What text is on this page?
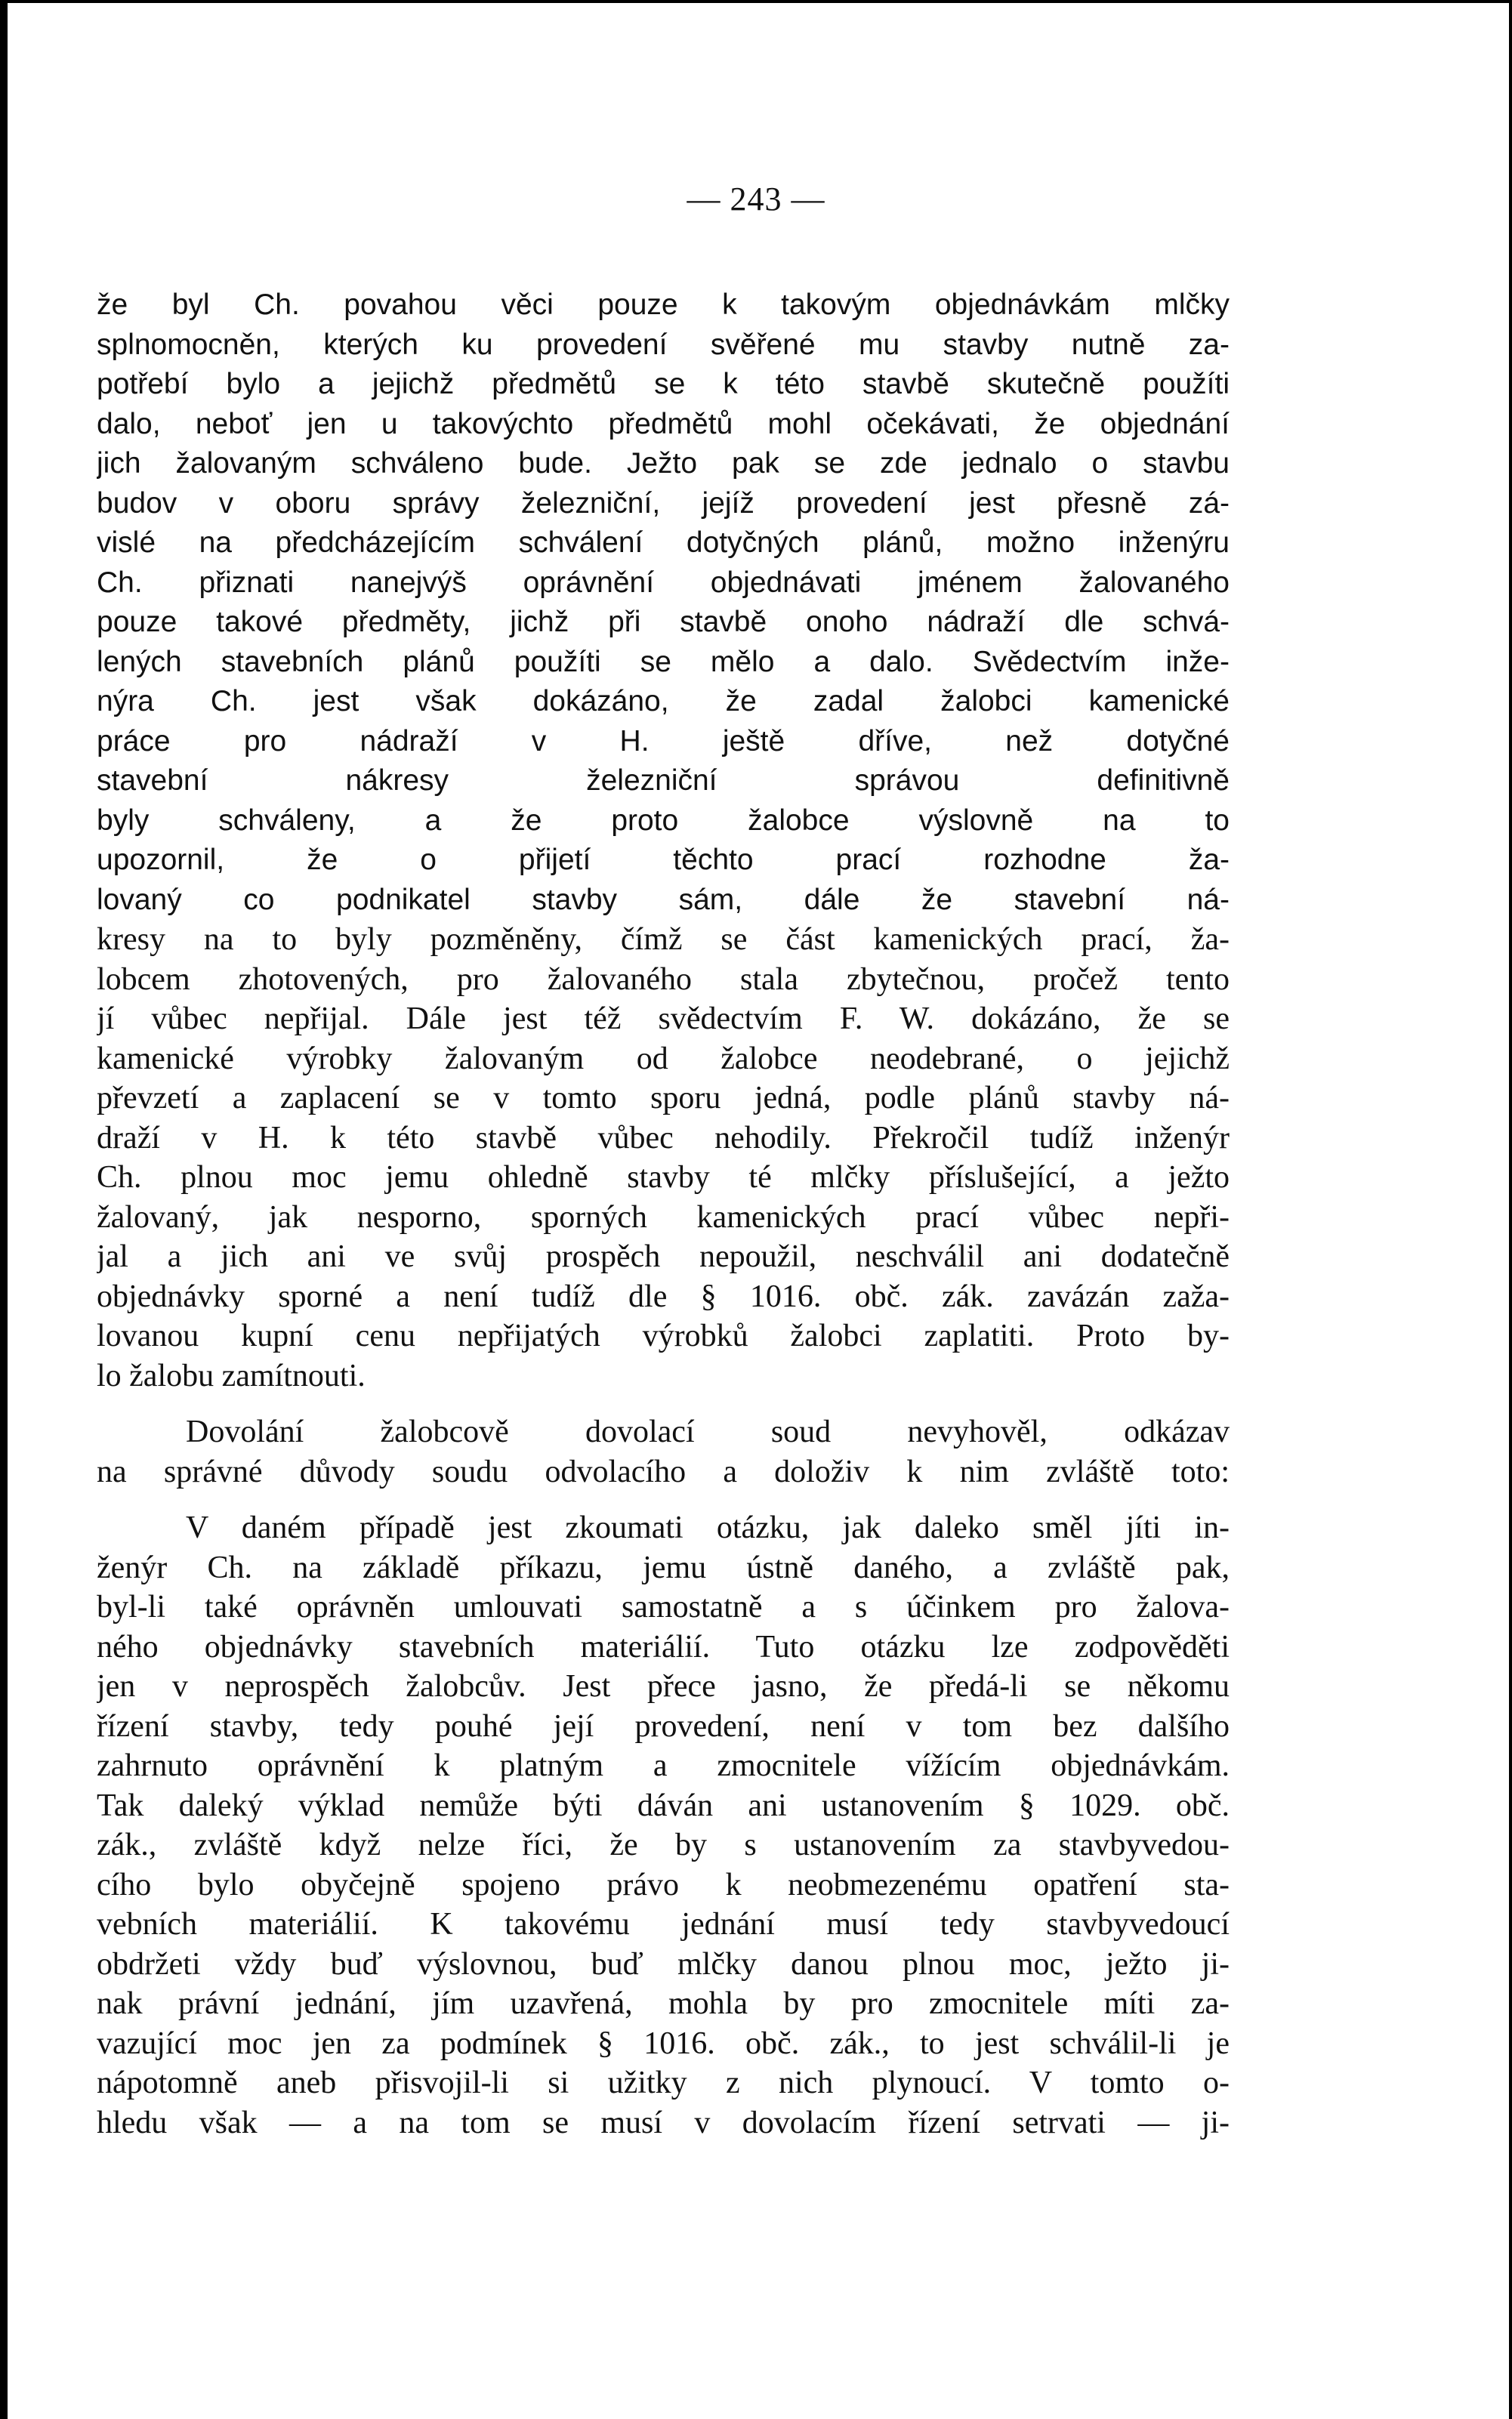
— 243 —
že byl Ch. povahou věci pouze k takovým objednávkám mlčky
splnomocněn, kterých ku provedení svěřené mu stavby nutně za-
potřebí bylo a jejichž předmětů se k této stavbě skutečně použíti
dalo, neboť jen u takovýchto předmětů mohl očekávati, že objednání
jich žalovaným schváleno bude. Ježto pak se zde jednalo o stavbu
budov v oboru správy železniční, jejíž provedení jest přesně zá-
vislé na předcházejícím schválení dotyčných plánů, možno inženýru
Ch. přiznati nanejvýš oprávnění objednávati jménem žalovaného
pouze takové předměty, jichž při stavbě onoho nádraží dle schvá-
lených stavebních plánů použíti se mělo a dalo. Svědectvím inže-
nýra Ch. jest však dokázáno, že zadal žalobci kamenické
práce pro nádraží v H. ještě dříve, než dotyčné
stavební nákresy železniční správou definitivně
byly schváleny, a že proto žalobce výslovně na to
upozornil, že o přijetí těchto prací rozhodne ža-
lovaný co podnikatel stavby sám, dále že stavební ná-
kresy na to byly pozměněny, čímž se část kamenických prací, ža-
lobcem zhotovených, pro žalovaného stala zbytečnou, pročež tento
jí vůbec nepřijal. Dále jest též svědectvím F. W. dokázáno, že se
kamenické výrobky žalovaným od žalobce neodebrané, o jejichž
převzetí a zaplacení se v tomto sporu jedná, podle plánů stavby ná-
draží v H. k této stavbě vůbec nehodily. Překročil tudíž inženýr
Ch. plnou moc jemu ohledně stavby té mlčky příslušející, a ježto
žalovaný, jak nesporno, sporných kamenických prací vůbec nepři-
jal a jich ani ve svůj prospěch nepoužil, neschválil ani dodatečně
objednávky sporné a není tudíž dle § 1016. obč. zák. zavázán zaža-
lovanou kupní cenu nepřijatých výrobků žalobci zaplatiti. Proto by-
lo žalobu zamítnouti.
Dovolání žalobcově dovolací soud nevyhověl, odkázav
na správné důvody soudu odvolacího a doloživ k nim zvláště toto:
V daném případě jest zkoumati otázku, jak daleko směl jíti in-
ženýr Ch. na základě příkazu, jemu ústně daného, a zvláště pak,
byl-li také oprávněn umlouvati samostatně a s účinkem pro žalova-
ného objednávky stavebních materiálií. Tuto otázku lze zodpověděti
jen v neprospěch žalobcův. Jest přece jasno, že předá-li se někomu
řízení stavby, tedy pouhé její provedení, není v tom bez dalšího
zahrnuto oprávnění k platným a zmocnitele vížícím objednávkám.
Tak daleký výklad nemůže býti dáván ani ustanovením § 1029. obč.
zák., zvláště když nelze říci, že by s ustanovením za stavbyvedou-
cího bylo obyčejně spojeno právo k neobmezenému opatření sta-
vebních materiálií. K takovému jednání musí tedy stavbyvedoucí
obdržeti vždy buď výslovnou, buď mlčky danou plnou moc, ježto ji-
nak právní jednání, jím uzavřená, mohla by pro zmocnitele míti za-
vazující moc jen za podmínek § 1016. obč. zák., to jest schválil-li je
nápotomně aneb přisvojil-li si užitky z nich plynoucí. V tomto o-
hledu však — a na tom se musí v dovolacím řízení setrvati — ji-
